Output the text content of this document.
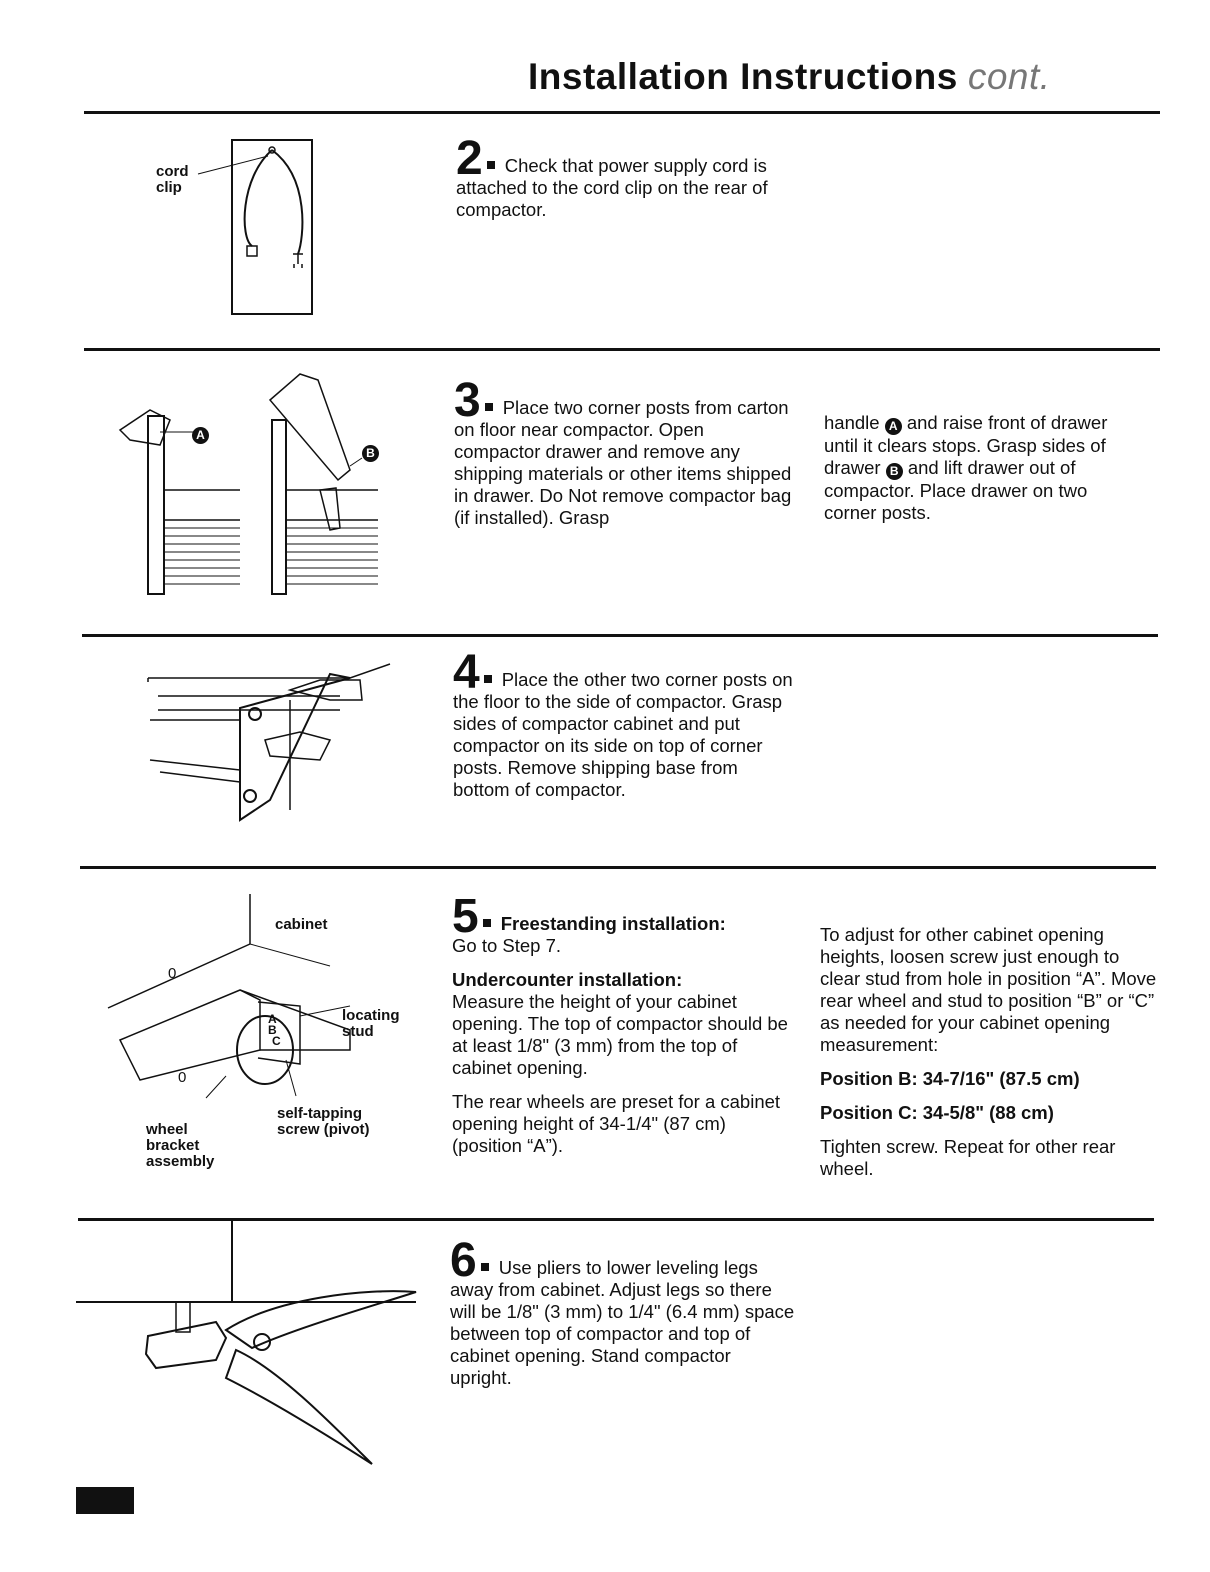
Installation Instructions cont.
cord
clip

2 Check that power supply cord is attached to the cord clip on the rear of compactor.

A
B

3 Place two corner posts from carton on floor near compactor. Open compactor drawer and remove any shipping materials or other items shipped in drawer. Do Not remove compactor bag (if installed). Grasp

handle A and raise front of drawer until it clears stops. Grasp sides of drawer B and lift drawer out of compactor. Place drawer on two corner posts.

4 Place the other two corner posts on the floor to the side of compactor. Grasp sides of compactor cabinet and put compactor on its side on top of corner posts. Remove shipping base from bottom of compactor.

cabinet
0
0
A
B
C
locating
stud
self-tapping
screw (pivot)
wheel
bracket
assembly

5 Freestanding installation:
Go to Step 7.

Undercounter installation:
Measure the height of your cabinet opening. The top of compactor should be at least 1/8" (3 mm) from the top of cabinet opening.

The rear wheels are preset for a cabinet opening height of 34-1/4" (87 cm) (position “A”).

To adjust for other cabinet opening heights, loosen screw just enough to clear stud from hole in position “A”. Move rear wheel and stud to position “B” or “C” as needed for your cabinet opening measurement:

Position B: 34-7/16" (87.5 cm)

Position C: 34-5/8" (88 cm)

Tighten screw. Repeat for other rear wheel.

6 Use pliers to lower leveling legs away from cabinet. Adjust legs so there will be 1/8" (3 mm) to 1/4" (6.4 mm) space between top of compactor and top of cabinet opening. Stand compactor upright.
